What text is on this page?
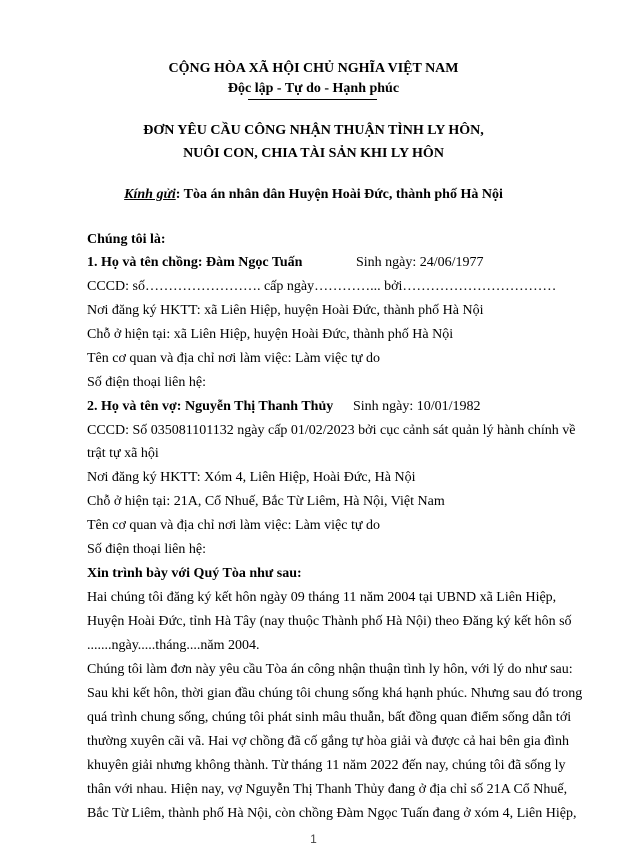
CỘNG HÒA XÃ HỘI CHỦ NGHĨA VIỆT NAM
Độc lập - Tự do - Hạnh phúc
ĐƠN YÊU CẦU CÔNG NHẬN THUẬN TÌNH LY HÔN,
NUÔI CON, CHIA TÀI SẢN KHI LY HÔN
Kính gửi: Tòa án nhân dân Huyện Hoài Đức, thành phố Hà Nội
Chúng tôi là:
1. Họ và tên chồng: Đàm Ngọc Tuấn	Sinh ngày: 24/06/1977
CCCD: số……………………. cấp ngày…………... bởi……………………………
Nơi đăng ký HKTT: xã Liên Hiệp, huyện Hoài Đức, thành phố Hà Nội
Chỗ ở hiện tại: xã Liên Hiệp, huyện Hoài Đức, thành phố Hà Nội
Tên cơ quan và địa chỉ nơi làm việc: Làm việc tự do
Số điện thoại liên hệ:
2. Họ và tên vợ: Nguyễn Thị Thanh Thủy Sinh ngày: 10/01/1982
CCCD: Số 035081101132 ngày cấp 01/02/2023 bởi cục cảnh sát quản lý hành chính về
trật tự xã hội
Nơi đăng ký HKTT: Xóm 4, Liên Hiệp, Hoài Đức, Hà Nội
Chỗ ở hiện tại: 21A, Cổ Nhuế, Bắc Từ Liêm, Hà Nội, Việt Nam
Tên cơ quan và địa chỉ nơi làm việc: Làm việc tự do
Số điện thoại liên hệ:
Xin trình bày với Quý Tòa như sau:
Hai chúng tôi đăng ký kết hôn ngày 09 tháng 11 năm 2004 tại UBND xã Liên Hiệp,
Huyện Hoài Đức, tỉnh Hà Tây (nay thuộc Thành phố Hà Nội) theo Đăng ký kết hôn số
.......ngày.....tháng....năm 2004.
Chúng tôi làm đơn này yêu cầu Tòa án công nhận thuận tình ly hôn, với lý do như sau:
Sau khi kết hôn, thời gian đầu chúng tôi chung sống khá hạnh phúc. Nhưng sau đó trong
quá trình chung sống, chúng tôi phát sinh mâu thuẫn, bất đồng quan điểm sống dẫn tới
thường xuyên cãi vã. Hai vợ chồng đã cố gắng tự hòa giải và được cả hai bên gia đình
khuyên giải nhưng không thành. Từ tháng 11 năm 2022 đến nay, chúng tôi đã sống ly
thân với nhau. Hiện nay, vợ Nguyễn Thị Thanh Thủy đang ở địa chỉ số 21A Cổ Nhuế,
Bắc Từ Liêm, thành phố Hà Nội, còn chồng Đàm Ngọc Tuấn đang ở xóm 4, Liên Hiệp,
1
